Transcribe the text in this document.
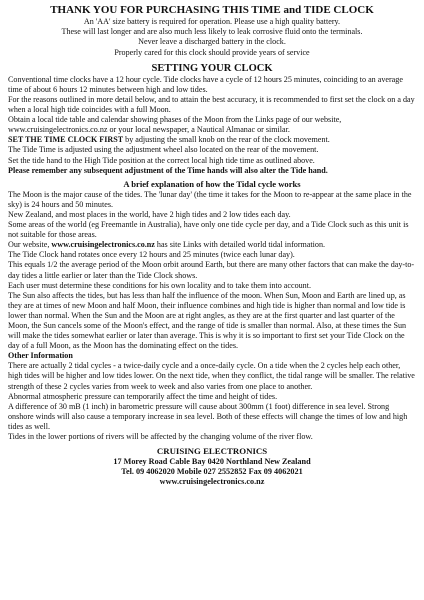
THANK YOU FOR PURCHASING THIS TIME and TIDE CLOCK
An 'AA' size battery is required for operation. Please use a high quality battery.
These will last longer and are also much less likely to leak corrosive fluid onto the terminals.
Never leave a discharged battery in the clock.
Properly cared for this clock should provide years of service
SETTING YOUR CLOCK

Conventional time clocks have a 12 hour cycle. Tide clocks have a cycle of 12 hours 25 minutes, coinciding to an average time of about 6 hours 12 minutes between high and low tides.

For the reasons outlined in more detail below, and to attain the best accuracy, it is recommended to first set the clock on a day when a local high tide coincides with a full Moon.

Obtain a local tide table and calendar showing phases of the Moon from the Links page of our website, www.cruisingelectronics.co.nz or your local newspaper, a Nautical Almanac or similar.

SET THE TIME CLOCK FIRST by adjusting the small knob on the rear of the clock movement.

The Tide Time is adjusted using the adjustment wheel also located on the rear of the movement.

Set the tide hand to the High Tide position at the correct local high tide time as outlined above.

Please remember any subsequent adjustment of the Time hands will also alter the Tide hand.

A brief explanation of how the Tidal cycle works

The Moon is the major cause of the tides. The 'lunar day' (the time it takes for the Moon to re-appear at the same place in the sky) is 24 hours and 50 minutes.

New Zealand, and most places in the world, have 2 high tides and 2 low tides each day.

Some areas of the world (eg Freemantle in Australia), have only one tide cycle per day, and a Tide Clock such as this unit is not suitable for those areas.

Our website, www.cruisingelectronics.co.nz has site Links with detailed world tidal information.

The Tide Clock hand rotates once every 12 hours and 25 minutes (twice each lunar day).

This equals 1/2 the average period of the Moon orbit around Earth, but there are many other factors that can make the day-to-day tides a little earlier or later than the Tide Clock shows.

Each user must determine these conditions for his own locality and to take them into account.

The Sun also affects the tides, but has less than half the influence of the moon. When Sun, Moon and Earth are lined up, as they are at times of new Moon and half Moon, their influence combines and high tide is higher than normal and low tide is lower than normal. When the Sun and the Moon are at right angles, as they are at the first quarter and last quarter of the Moon, the Sun cancels some of the Moon's effect, and the range of tide is smaller than normal. Also, at these times the Sun will make the tides somewhat earlier or later than average. This is why it is so important to first set your Tide Clock on the day of a full Moon, as the Moon has the dominating effect on the tides.

Other Information

There are actually 2 tidal cycles - a twice-daily cycle and a once-daily cycle. On a tide when the 2 cycles help each other, high tides will be higher and low tides lower. On the next tide, when they conflict, the tidal range will be smaller. The relative strength of these 2 cycles varies from week to week and also varies from one place to another.

Abnormal atmospheric pressure can temporarily affect the time and height of tides.

A difference of 30 mB (1 inch) in barometric pressure will cause about 300mm (1 foot) difference in sea level. Strong onshore winds will also cause a temporary increase in sea level. Both of these effects will change the times of low and high tides as well.

Tides in the lower portions of rivers will be affected by the changing volume of the river flow.

CRUISING ELECTRONICS
17 Morey Road Cable Bay 0420 Northland New Zealand
Tel. 09 4062020 Mobile 027 2552852 Fax 09 4062021
www.cruisingelectronics.co.nz
